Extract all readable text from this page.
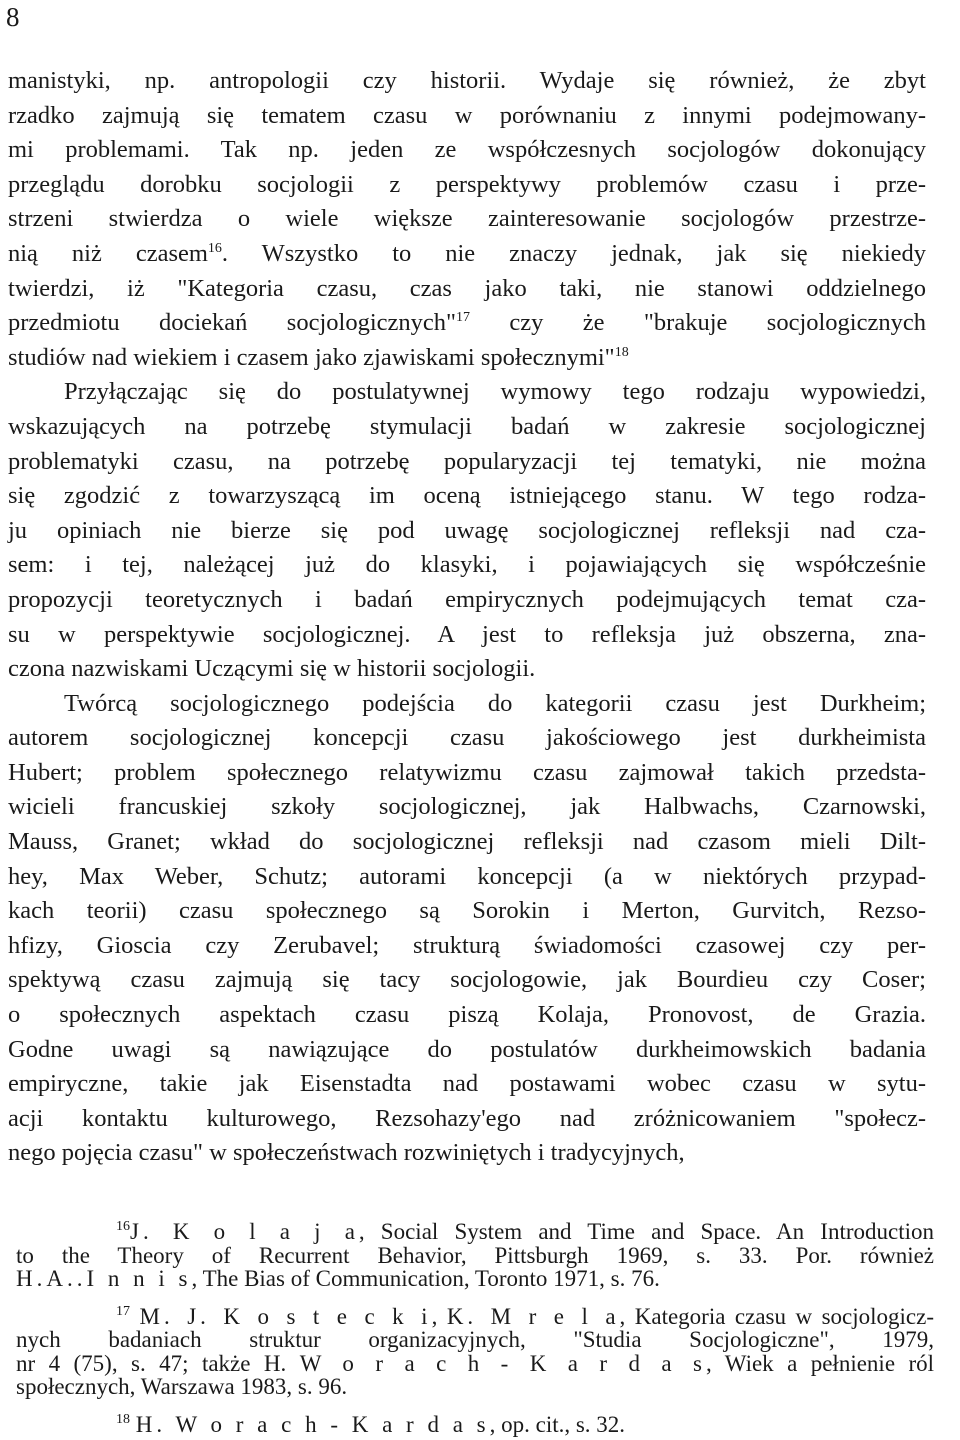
8
manistyki, np. antropologii czy historii. Wydaje się również, że zbyt
rzadko zajmują się tematem czasu w porównaniu z innymi podejmowany-
mi problemami. Tak np. jeden ze współczesnych socjologów dokonujący
przeglądu dorobku socjologii z perspektywy problemów czasu i prze-
strzeni stwierdza o wiele większe zainteresowanie socjologów przestrze-
nią niż czasem$^{16}$. Wszystko to nie znaczy jednak, jak się niekiedy
twierdzi, iż "Kategoria czasu, czas jako taki, nie stanowi oddzielnego
przedmiotu dociekań socjologicznych"$^{17}$ czy że "brakuje socjologicznych
studiów nad wiekiem i czasem jako zjawiskami społecznymi"$^{18}$
Przyłączając się do postulatywnej wymowy tego rodzaju wypowiedzi,
wskazujących na potrzebę stymulacji badań w zakresie socjologicznej
problematyki czasu, na potrzebę popularyzacji tej tematyki, nie można
się zgodzić z towarzyszącą im oceną istniejącego stanu. W tego rodza-
ju opiniach nie bierze się pod uwagę socjologicznej refleksji nad cza-
sem: i tej, należącej już do klasyki, i pojawiających się współcześnie
propozycji teoretycznych i badań empirycznych podejmujących temat cza-
su w perspektywie socjologicznej. A jest to refleksja już obszerna, zna-
czona nazwiskami Uczącymi się w historii socjologii.
Twórcą socjologicznego podejścia do kategorii czasu jest Durkheim;
autorem socjologicznej koncepcji czasu jakościowego jest durkheimista
Hubert; problem społecznego relatywizmu czasu zajmował takich przedsta-
wicieli francuskiej szkoły socjologicznej, jak Halbwachs, Czarnowski,
Mauss, Granet; wkład do socjologicznej refleksji nad czasom mieli Dilt-
hey, Max Weber, Schutz; autorami koncepcji (a w niektórych przypad-
kach teorii) czasu społecznego są Sorokin i Merton, Gurvitch, Rezso-
hfizy, Gioscia czy Zerubavel; strukturą świadomości czasowej czy per-
spektywą czasu zajmują się tacy socjologowie, jak Bourdieu czy Coser;
o społecznych aspektach czasu piszą Kolaja, Pronovost, de Grazia.
Godne uwagi są nawiązujące do postulatów durkheimowskich badania
empiryczne, takie jak Eisenstadta nad postawami wobec czasu w sytu-
acji kontaktu kulturowego, Rezsohazy'ego nad zróżnicowaniem "społecz-
nego pojęcia czasu" w społeczeństwach rozwiniętych i tradycyjnych,
$^{16}$J. K o l a j a, Social System and Time and Space. An Introduction
to the Theory of Recurrent Behavior, Pittsburgh 1969, s. 33. Por. również
H.A..I n n i s, The Bias of Communication, Toronto 1971, s. 76.
$^{17}$ M. J. K o s t e c k i, K. M r e l a, Kategoria czasu w socjologicz-
nych badaniach struktur organizacyjnych, "Studia Socjologiczne", 1979,
nr 4 (75), s. 47; także H. W o r a c h - K a r d a s, Wiek a pełnienie ról
społecznych, Warszawa 1983, s. 96.
$^{18}$ H. W o r a c h - K a r d a s, op. cit., s. 32.
